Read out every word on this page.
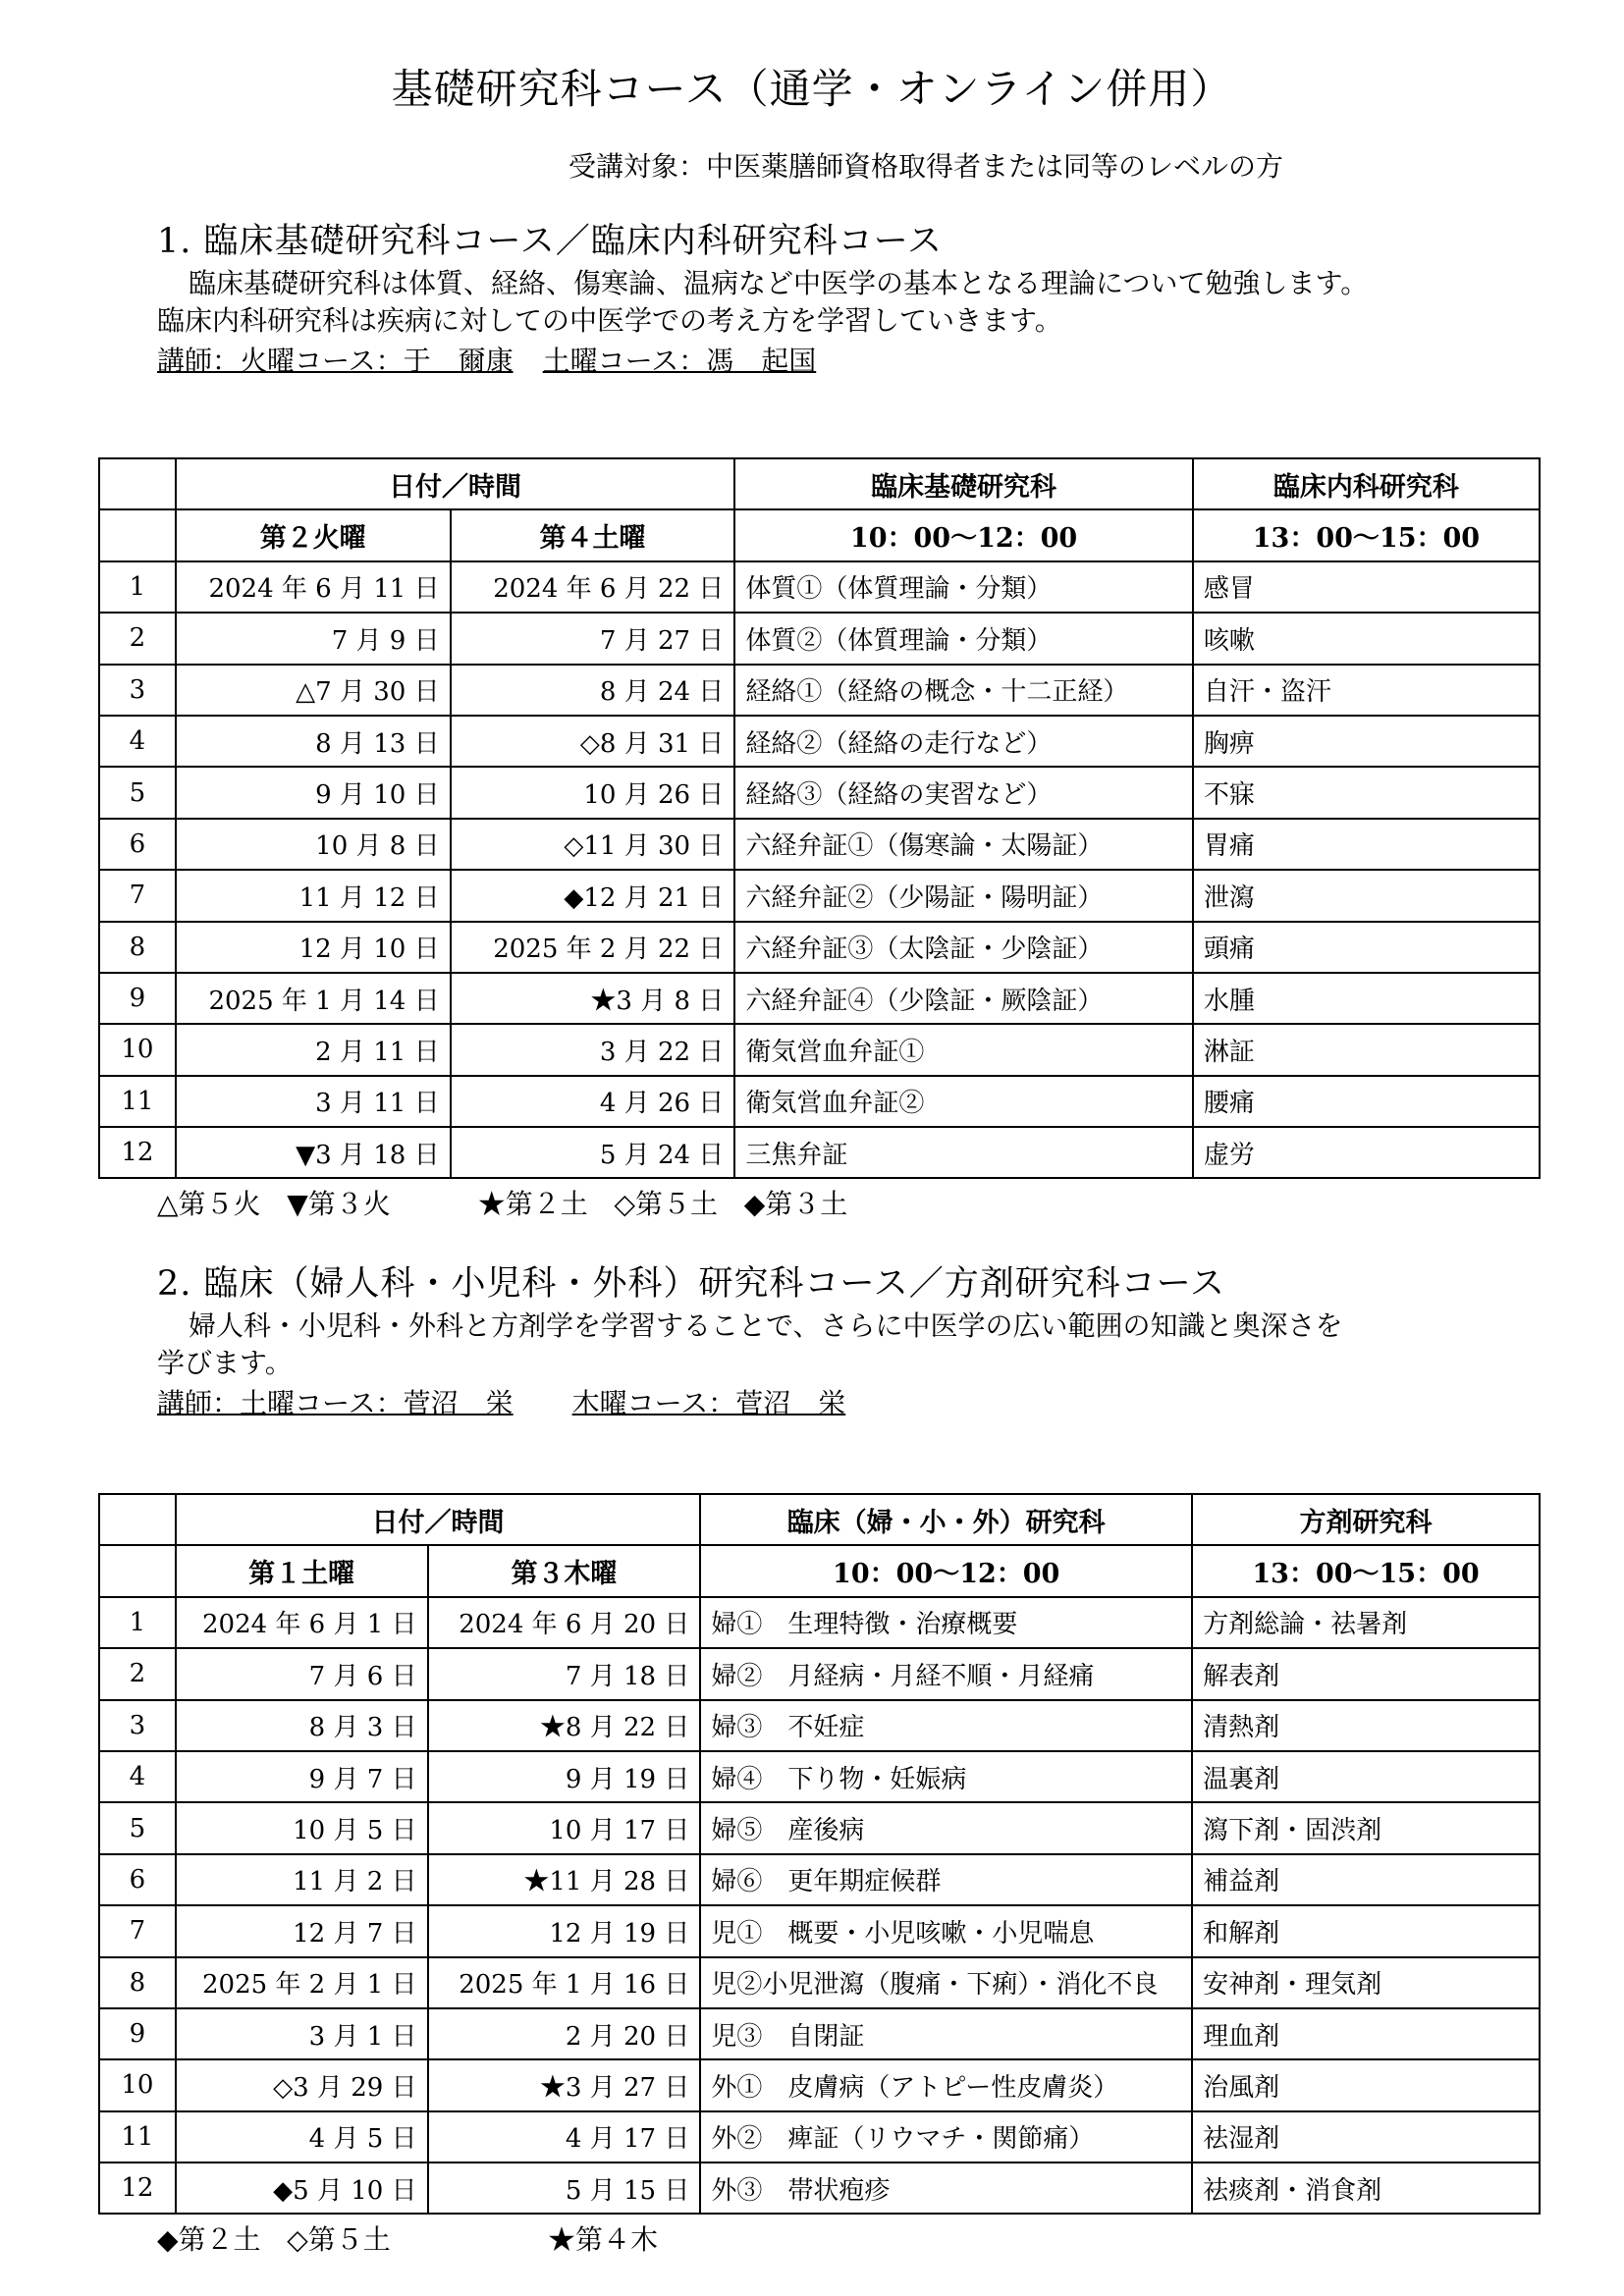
基礎研究科コース（通学・オンライン併用）
受講対象：中医薬膳師資格取得者または同等のレベルの方
1. 臨床基礎研究科コース／臨床内科研究科コース

臨床基礎研究科は体質、経絡、傷寒論、温病など中医学の基本となる理論について勉強します。

臨床内科研究科は疾病に対しての中医学での考え方を学習していきます。

講師：火曜コース：于　爾康 土曜コース：馮　起国
	日付／時間		臨床基礎研究科	臨床内科研究科
	第２火曜	第４土曜	10：00～12：00	13：00～15：00
1	2024 年 6 月 11 日	2024 年 6 月 22 日	体質①（体質理論・分類）	感冒
2	7 月 9 日	7 月 27 日	体質②（体質理論・分類）	咳嗽
3	△7 月 30 日	8 月 24 日	経絡①（経絡の概念・十二正経）	自汗・盗汗
4	8 月 13 日	◇8 月 31 日	経絡②（経絡の走行など）	胸痹
5	9 月 10 日	10 月 26 日	経絡③（経絡の実習など）	不寐
6	10 月 8 日	◇11 月 30 日	六経弁証①（傷寒論・太陽証）	胃痛
7	11 月 12 日	◆12 月 21 日	六経弁証②（少陽証・陽明証）	泄瀉
8	12 月 10 日	2025 年 2 月 22 日	六経弁証③（太陰証・少陰証）	頭痛
9	2025 年 1 月 14 日	★3 月 8 日	六経弁証④（少陰証・厥陰証）	水腫
10	2 月 11 日	3 月 22 日	衛気営血弁証①	淋証
11	3 月 11 日	4 月 26 日	衛気営血弁証②	腰痛
12	▼3 月 18 日	5 月 24 日	三焦弁証	虚労
△第５火   ▼第３火          ★第２土   ◇第５土   ◆第３土
2. 臨床（婦人科・小児科・外科）研究科コース／方剤研究科コース

婦人科・小児科・外科と方剤学を学習することで、さらに中医学の広い範囲の知識と奥深さを

学びます。

講師：土曜コース：菅沼　栄 木曜コース：菅沼　栄
	日付／時間		臨床（婦・小・外）研究科	方剤研究科
	第１土曜	第３木曜	10：00～12：00	13：00～15：00
1	2024 年 6 月 1 日	2024 年 6 月 20 日	婦①　生理特徴・治療概要	方剤総論・祛暑剤
2	7 月 6 日	7 月 18 日	婦②　月経病・月経不順・月経痛	解表剤
3	8 月 3 日	★8 月 22 日	婦③　不妊症	清熱剤
4	9 月 7 日	9 月 19 日	婦④　下り物・妊娠病	温裏剤
5	10 月 5 日	10 月 17 日	婦⑤　産後病	瀉下剤・固渋剤
6	11 月 2 日	★11 月 28 日	婦⑥　更年期症候群	補益剤
7	12 月 7 日	12 月 19 日	児①　概要・小児咳嗽・小児喘息	和解剤
8	2025 年 2 月 1 日	2025 年 1 月 16 日	児②小児泄瀉（腹痛・下痢）・消化不良	安神剤・理気剤
9	3 月 1 日	2 月 20 日	児③　自閉証	理血剤
10	◇3 月 29 日	★3 月 27 日	外①　皮膚病（アトピー性皮膚炎）	治風剤
11	4 月 5 日	4 月 17 日	外②　痺証（リウマチ・関節痛）	祛湿剤
12	◆5 月 10 日	5 月 15 日	外③　帯状疱疹	祛痰剤・消食剤
◆第２土   ◇第５土                  ★第４木
